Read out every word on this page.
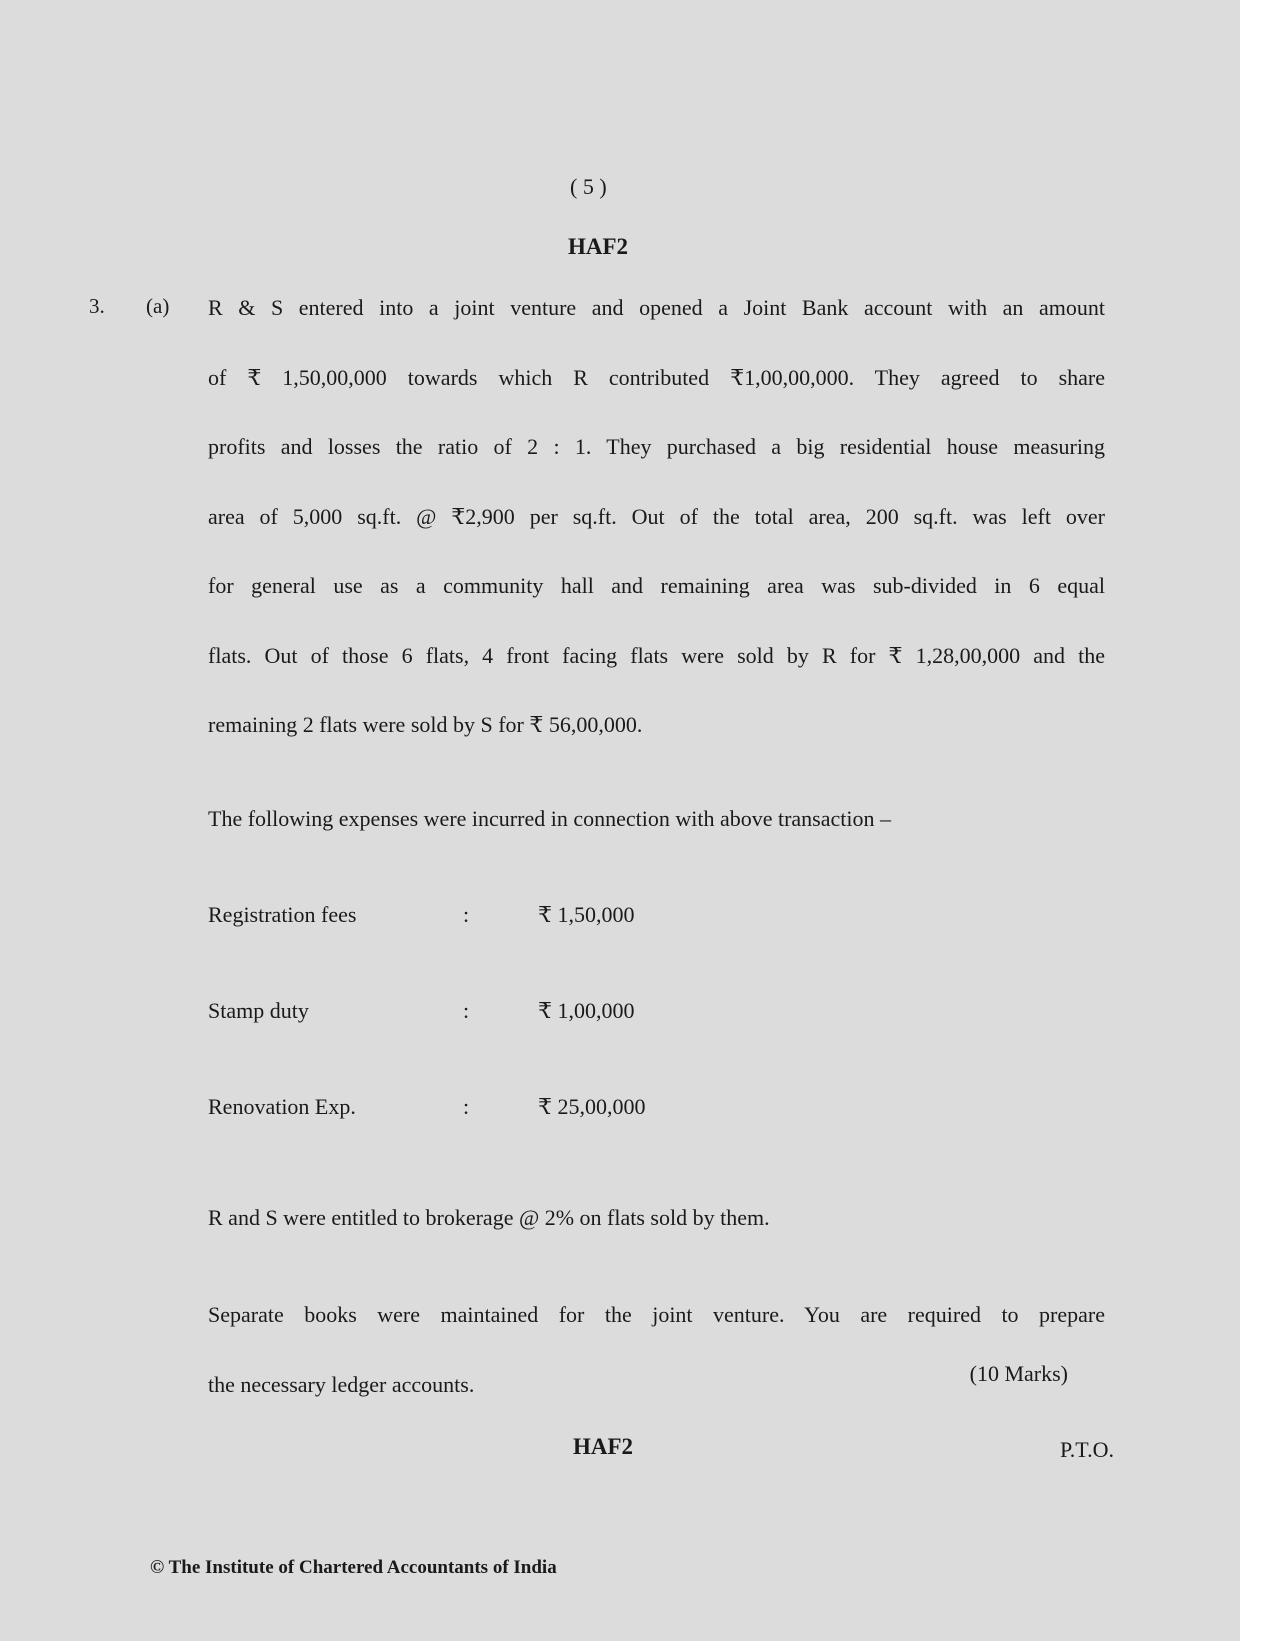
( 5 )
HAF2
3. (a) R & S entered into a joint venture and opened a Joint Bank account with an amount
of ₹ 1,50,00,000 towards which R contributed ₹1,00,00,000. They agreed to share
profits and losses the ratio of 2 : 1. They purchased a big residential house measuring
area of 5,000 sq.ft. @ ₹2,900 per sq.ft. Out of the total area, 200 sq.ft. was left over
for general use as a community hall and remaining area was sub-divided in 6 equal
flats. Out of those 6 flats, 4 front facing flats were sold by R for ₹ 1,28,00,000 and the
remaining 2 flats were sold by S for ₹ 56,00,000.
The following expenses were incurred in connection with above transaction –
Registration fees	:	₹ 1,50,000
Stamp duty	:	₹ 1,00,000
Renovation Exp.	:	₹ 25,00,000
R and S were entitled to brokerage @ 2% on flats sold by them.
Separate books were maintained for the joint venture. You are required to prepare
the necessary ledger accounts.	(10 Marks)
HAF2	P.T.O.
© The Institute of Chartered Accountants of India
